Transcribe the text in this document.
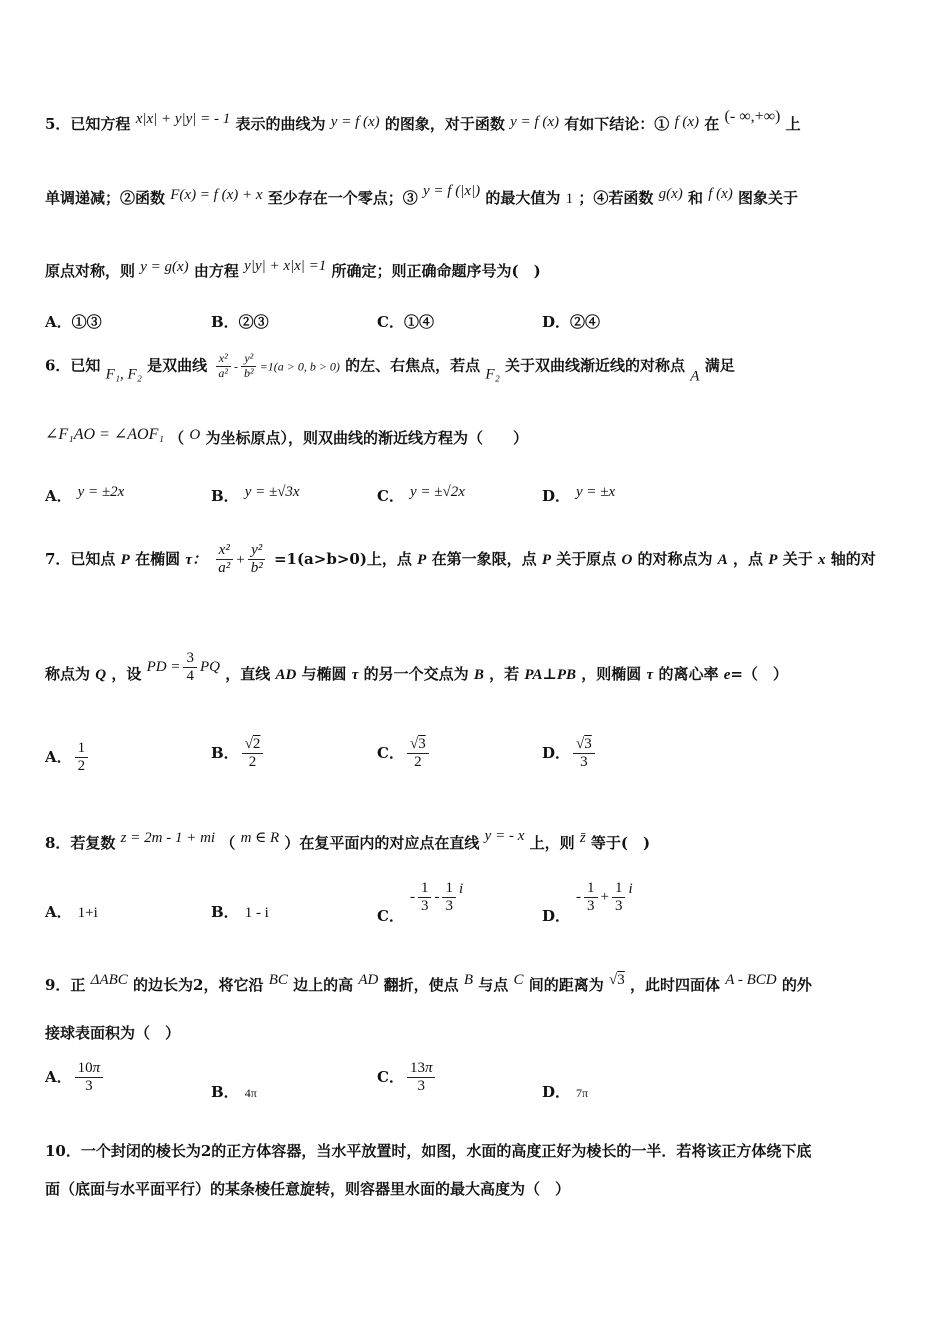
5．已知方程 x|x| + y|y| = - 1 表示的曲线为 y = f (x) 的图象，对于函数 y = f (x) 有如下结论：① f (x) 在 (- ∞,+∞) 上
单调递减；②函数 F(x) = f (x) + x 至少存在一个零点；③ y = f (|x|) 的最大值为 1 ；④若函数 g(x) 和 f (x) 图象关于
原点对称，则 y = g(x) 由方程 y|y| + x|x| =1 所确定；则正确命题序号为(　)
A．①③	B．②③	C．①④	D．②④
6．已知 F₁, F₂ 是双曲线 $\frac{\text{x²}}{\text{a²}} - \frac{\text{y²}}{\text{b²}} =1(a > 0$, b > 0) 的左、右焦点，若点 F₂ 关于双曲线渐近线的对称点 A 满足
∠F₁AO = ∠AOF₁ （ O 为坐标原点），则双曲线的渐近线方程为（　　）
A． y = ±2x	B． y = ±√3x	C． y = ±√2x	D． y = ±x
7．已知点 P 在椭圆 τ： $\frac{\text{x²}}{\text{a²}} + \frac{\text{y²}}{\text{b²}} =1(a>b>0)$上，点 P 在第一象限，点 P 关于原点 O 的对称点为 A ，点 P 关于 x 轴的对
称点为 Q ，设 PD = $\frac{3}{4}$ PQ ，直线 AD 与椭圆 τ 的另一个交点为 B ，若 PA⊥PB ，则椭圆 τ 的离心率 e=（　）
A． $\frac{1}{2}$	B． $\frac{√2}{2}$	C． $\frac{√3}{2}$	D． $\frac{√3}{3}$
8．若复数 z = 2m - 1 + mi （ m ∈ R ）在复平面内的对应点在直线 y = - x 上，则 z̄ 等于(　)
A． 1+i	B． 1 - i	C．- $\frac{1}{3} - \frac{1}{3}$ i
D．- $\frac{1}{3} + \frac{1}{3}$ i
9．正 ΔABC 的边长为2，将它沿 BC 边上的高 AD 翻折，使点 B 与点 C 间的距离为 √3 ，此时四面体 A - BCD 的外
接球表面积为（　）
A． $\frac{10\pi}{3}$	B． 4π
C． $\frac{13\pi}{3}$	D． 7π
10．一个封闭的棱长为2的正方体容器，当水平放置时，如图，水面的高度正好为棱长的一半．若将该正方体绕下底
面（底面与水平面平行）的某条棱任意旋转，则容器里水面的最大高度为（　）
